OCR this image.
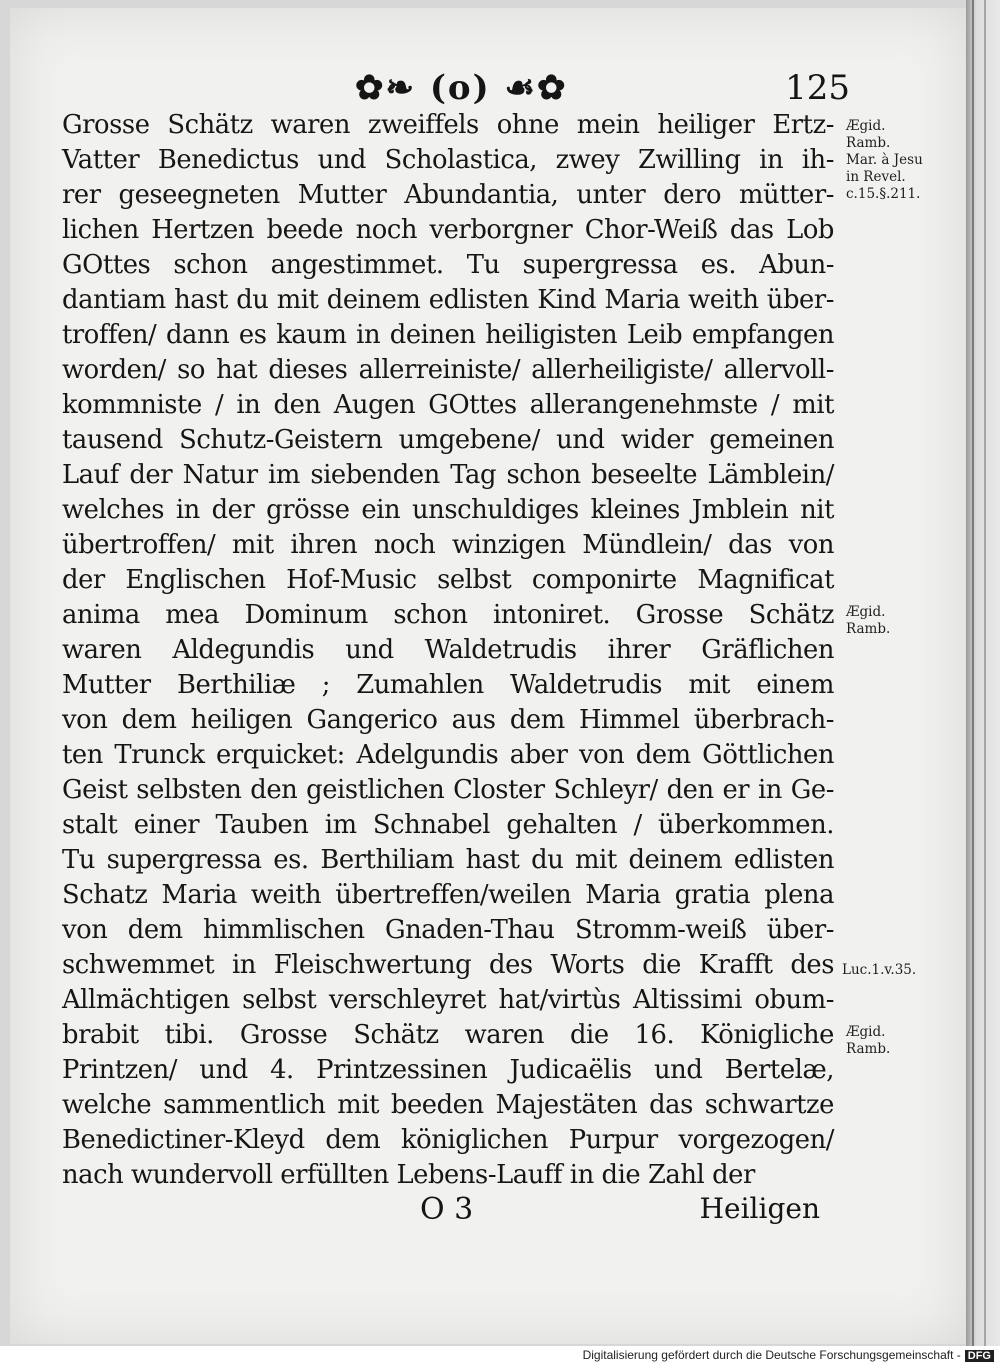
✿❧ (o) ☙✿	125
Grosse Schätz waren zweiffels ohne mein heiliger Ertz-
Vatter Benedictus und Scholastica, zwey Zwilling in ih-
rer geseegneten Mutter Abundantia, unter dero mütter-
lichen Hertzen beede noch verborgner Chor-Weiß das Lob
GOttes schon angestimmet. Tu supergressa es. Abun-
dantiam hast du mit deinem edlisten Kind Maria weith über-
troffen/ dann es kaum in deinen heiligisten Leib empfangen
worden/ so hat dieses allerreiniste/ allerheiligiste/ allervoll-
kommniste / in den Augen GOttes allerangenehmste / mit
tausend Schutz-Geistern umgebene/ und wider gemeinen
Lauf der Natur im siebenden Tag schon beseelte Lämblein/
welches in der grösse ein unschuldiges kleines Jmblein nit
übertroffen/ mit ihren noch winzigen Mündlein/ das von
der Englischen Hof-Music selbst componirte Magnificat
anima mea Dominum schon intoniret. Grosse Schätz
waren Aldegundis und Waldetrudis ihrer Gräflichen
Mutter Berthiliæ ; Zumahlen Waldetrudis mit einem
von dem heiligen Gangerico aus dem Himmel überbrach-
ten Trunck erquicket: Adelgundis aber von dem Göttlichen
Geist selbsten den geistlichen Closter Schleyr/ den er in Ge-
stalt einer Tauben im Schnabel gehalten / überkommen.
Tu supergressa es. Berthiliam hast du mit deinem edlisten
Schatz Maria weith übertreffen/weilen Maria gratia plena
von dem himmlischen Gnaden-Thau Stromm-weiß über-
schwemmet in Fleischwertung des Worts die Krafft des
Allmächtigen selbst verschleyret hat/virtùs Altissimi obum-
brabit tibi. Grosse Schätz waren die 16. Königliche
Printzen/ und 4. Printzessinen Judicaëlis und Bertelæ,
welche sammentlich mit beeden Majestäten das schwartze
Benedictiner-Kleyd dem königlichen Purpur vorgezogen/
nach wundervoll erfüllten Lebens-Lauff in die Zahl der
Ægid.
Ramb.
Mar. à Jesu
in Revel.
c.15.§.211.
Ægid.
Ramb.
Luc.1.v.35.
Ægid.
Ramb.
O 3	Heiligen
Digitalisierung gefördert durch die Deutsche Forschungsgemeinschaft - DFG
